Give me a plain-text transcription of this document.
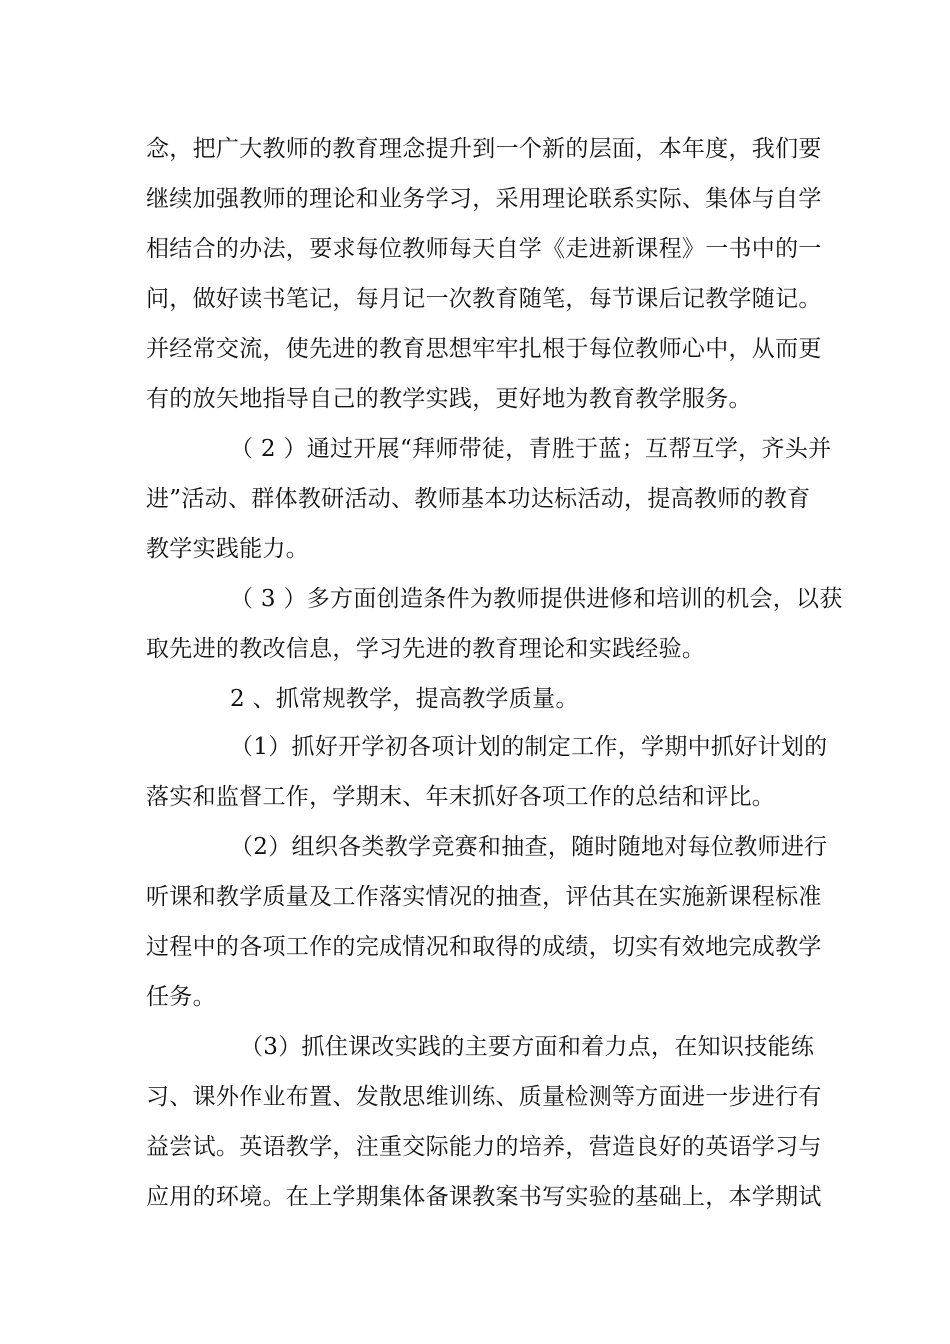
念，把广大教师的教育理念提升到一个新的层面，本年度，我们要
继续加强教师的理论和业务学习，采用理论联系实际、集体与自学
相结合的办法，要求每位教师每天自学《走进新课程》一书中的一
问，做好读书笔记，每月记一次教育随笔，每节课后记教学随记。
并经常交流，使先进的教育思想牢牢扎根于每位教师心中，从而更
有的放矢地指导自己的教学实践，更好地为教育教学服务。
（ 2 ）通过开展“拜师带徒，青胜于蓝；互帮互学，齐头并
进”活动、群体教研活动、教师基本功达标活动，提高教师的教育
教学实践能力。
（ 3 ）多方面创造条件为教师提供进修和培训的机会，以获
取先进的教改信息，学习先进的教育理论和实践经验。
2 、抓常规教学，提高教学质量。
（1）抓好开学初各项计划的制定工作，学期中抓好计划的
落实和监督工作，学期末、年末抓好各项工作的总结和评比。
（2）组织各类教学竞赛和抽查，随时随地对每位教师进行
听课和教学质量及工作落实情况的抽查，评估其在实施新课程标准
过程中的各项工作的完成情况和取得的成绩，切实有效地完成教学
任务。
（3）抓住课改实践的主要方面和着力点，在知识技能练
习、课外作业布置、发散思维训练、质量检测等方面进一步进行有
益尝试。英语教学，注重交际能力的培养，营造良好的英语学习与
应用的环境。在上学期集体备课教案书写实验的基础上，本学期试
